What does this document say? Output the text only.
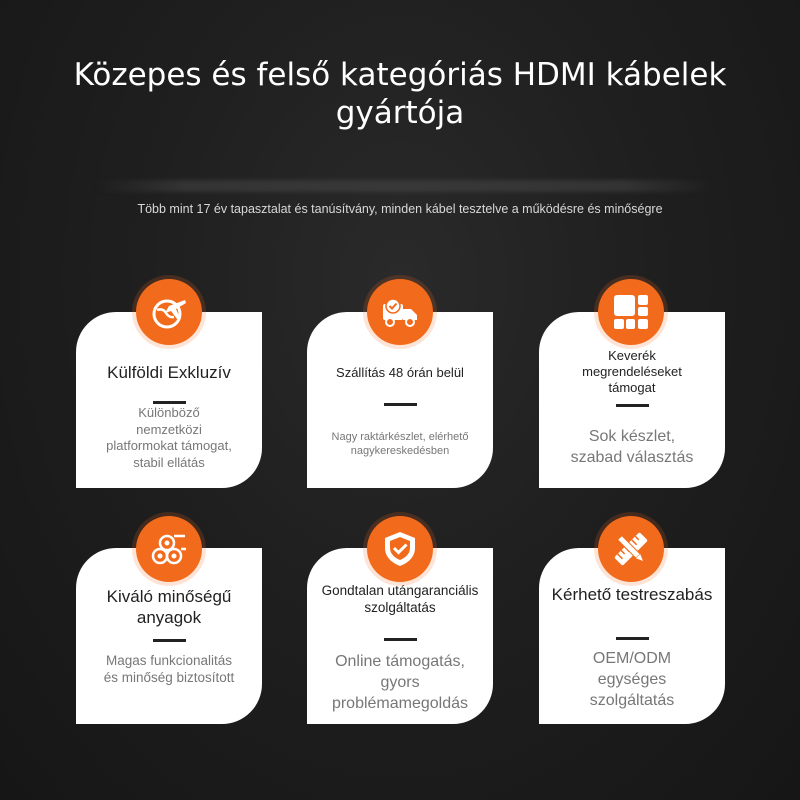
Közepes és felső kategóriás HDMI kábelek
gyártója
Több mint 17 év tapasztalat és tanúsítvány, minden kábel tesztelve a működésre és minőségre
Külföldi Exkluzív
Különböző nemzetközi platformokat támogat, stabil ellátás
Szállítás 48 órán belül
Nagy raktárkészlet, elérhető nagykereskedésben
Keverék megrendeléseket támogat
Sok készlet, szabad választás
Kiváló minőségű anyagok
Magas funkcionalitás és minőség biztosított
Gondtalan utángaranciális szolgáltatás
Online támogatás, gyors problémamegoldás
Kérhető testreszabás
OEM/ODM egységes szolgáltatás
